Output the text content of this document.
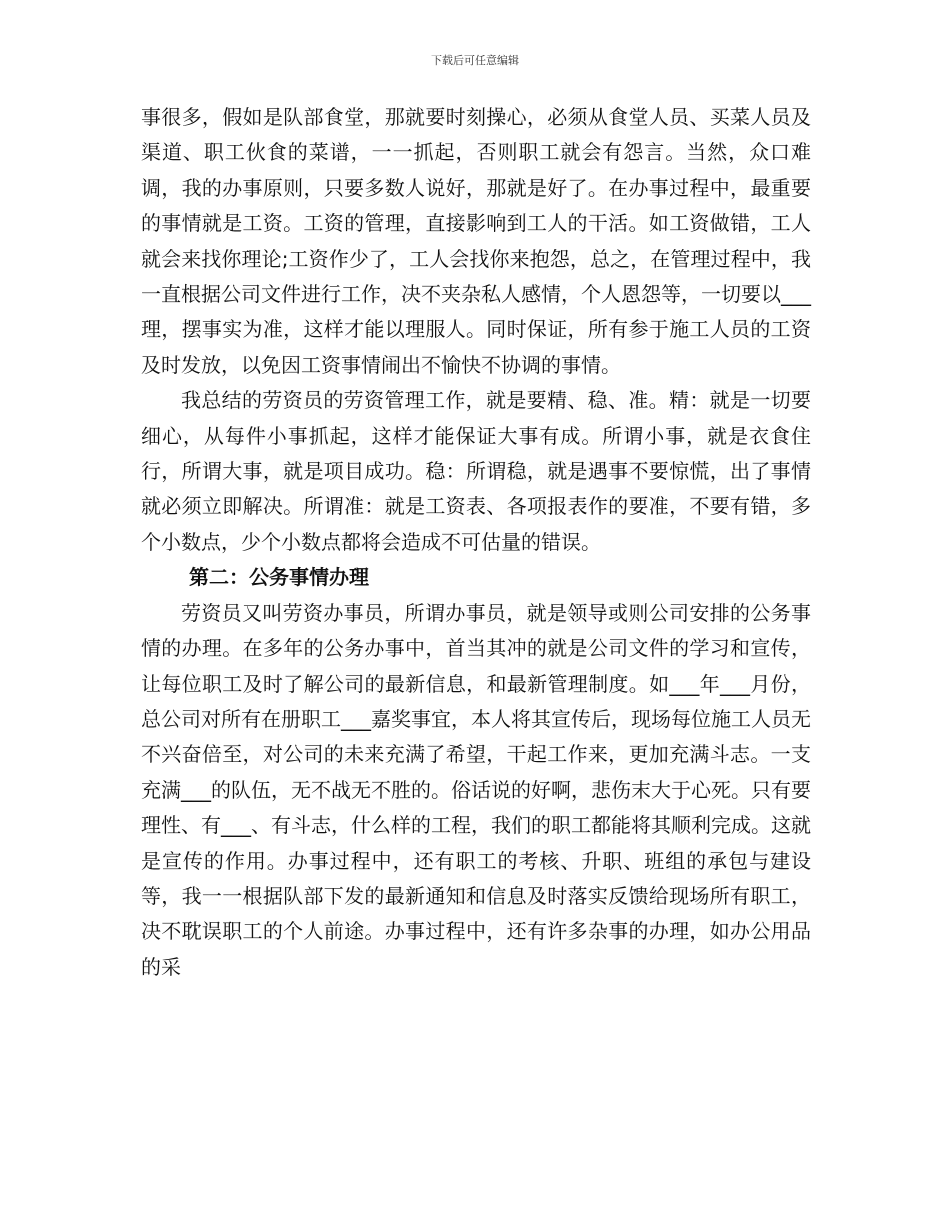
下载后可任意编辑

事很多，假如是队部食堂，那就要时刻操心，必须从食堂人员、买菜人员及渠道、职工伙食的菜谱，一一抓起，否则职工就会有怨言。当然，众口难调，我的办事原则，只要多数人说好，那就是好了。在办事过程中，最重要的事情就是工资。工资的管理，直接影响到工人的干活。如工资做错，工人就会来找你理论;工资作少了，工人会找你来抱怨，总之，在管理过程中，我一直根据公司文件进行工作，决不夹杂私人感情，个人恩怨等，一切要以___理，摆事实为准，这样才能以理服人。同时保证，所有参于施工人员的工资及时发放，以免因工资事情闹出不愉快不协调的事情。

我总结的劳资员的劳资管理工作，就是要精、稳、准。精：就是一切要细心，从每件小事抓起，这样才能保证大事有成。所谓小事，就是衣食住行，所谓大事，就是项目成功。稳：所谓稳，就是遇事不要惊慌，出了事情就必须立即解决。所谓准：就是工资表、各项报表作的要准，不要有错，多个小数点，少个小数点都将会造成不可估量的错误。

第二：公务事情办理

劳资员又叫劳资办事员，所谓办事员，就是领导或则公司安排的公务事情的办理。在多年的公务办事中，首当其冲的就是公司文件的学习和宣传，让每位职工及时了解公司的最新信息，和最新管理制度。如___年___月份，总公司对所有在册职工___嘉奖事宜，本人将其宣传后，现场每位施工人员无不兴奋倍至，对公司的未来充满了希望，干起工作来，更加充满斗志。一支充满___的队伍，无不战无不胜的。俗话说的好啊，悲伤末大于心死。只有要理性、有___、有斗志，什么样的工程，我们的职工都能将其顺利完成。这就是宣传的作用。办事过程中，还有职工的考核、升职、班组的承包与建设等，我一一根据队部下发的最新通知和信息及时落实反馈给现场所有职工，决不耽误职工的个人前途。办事过程中，还有许多杂事的办理，如办公用品的采
